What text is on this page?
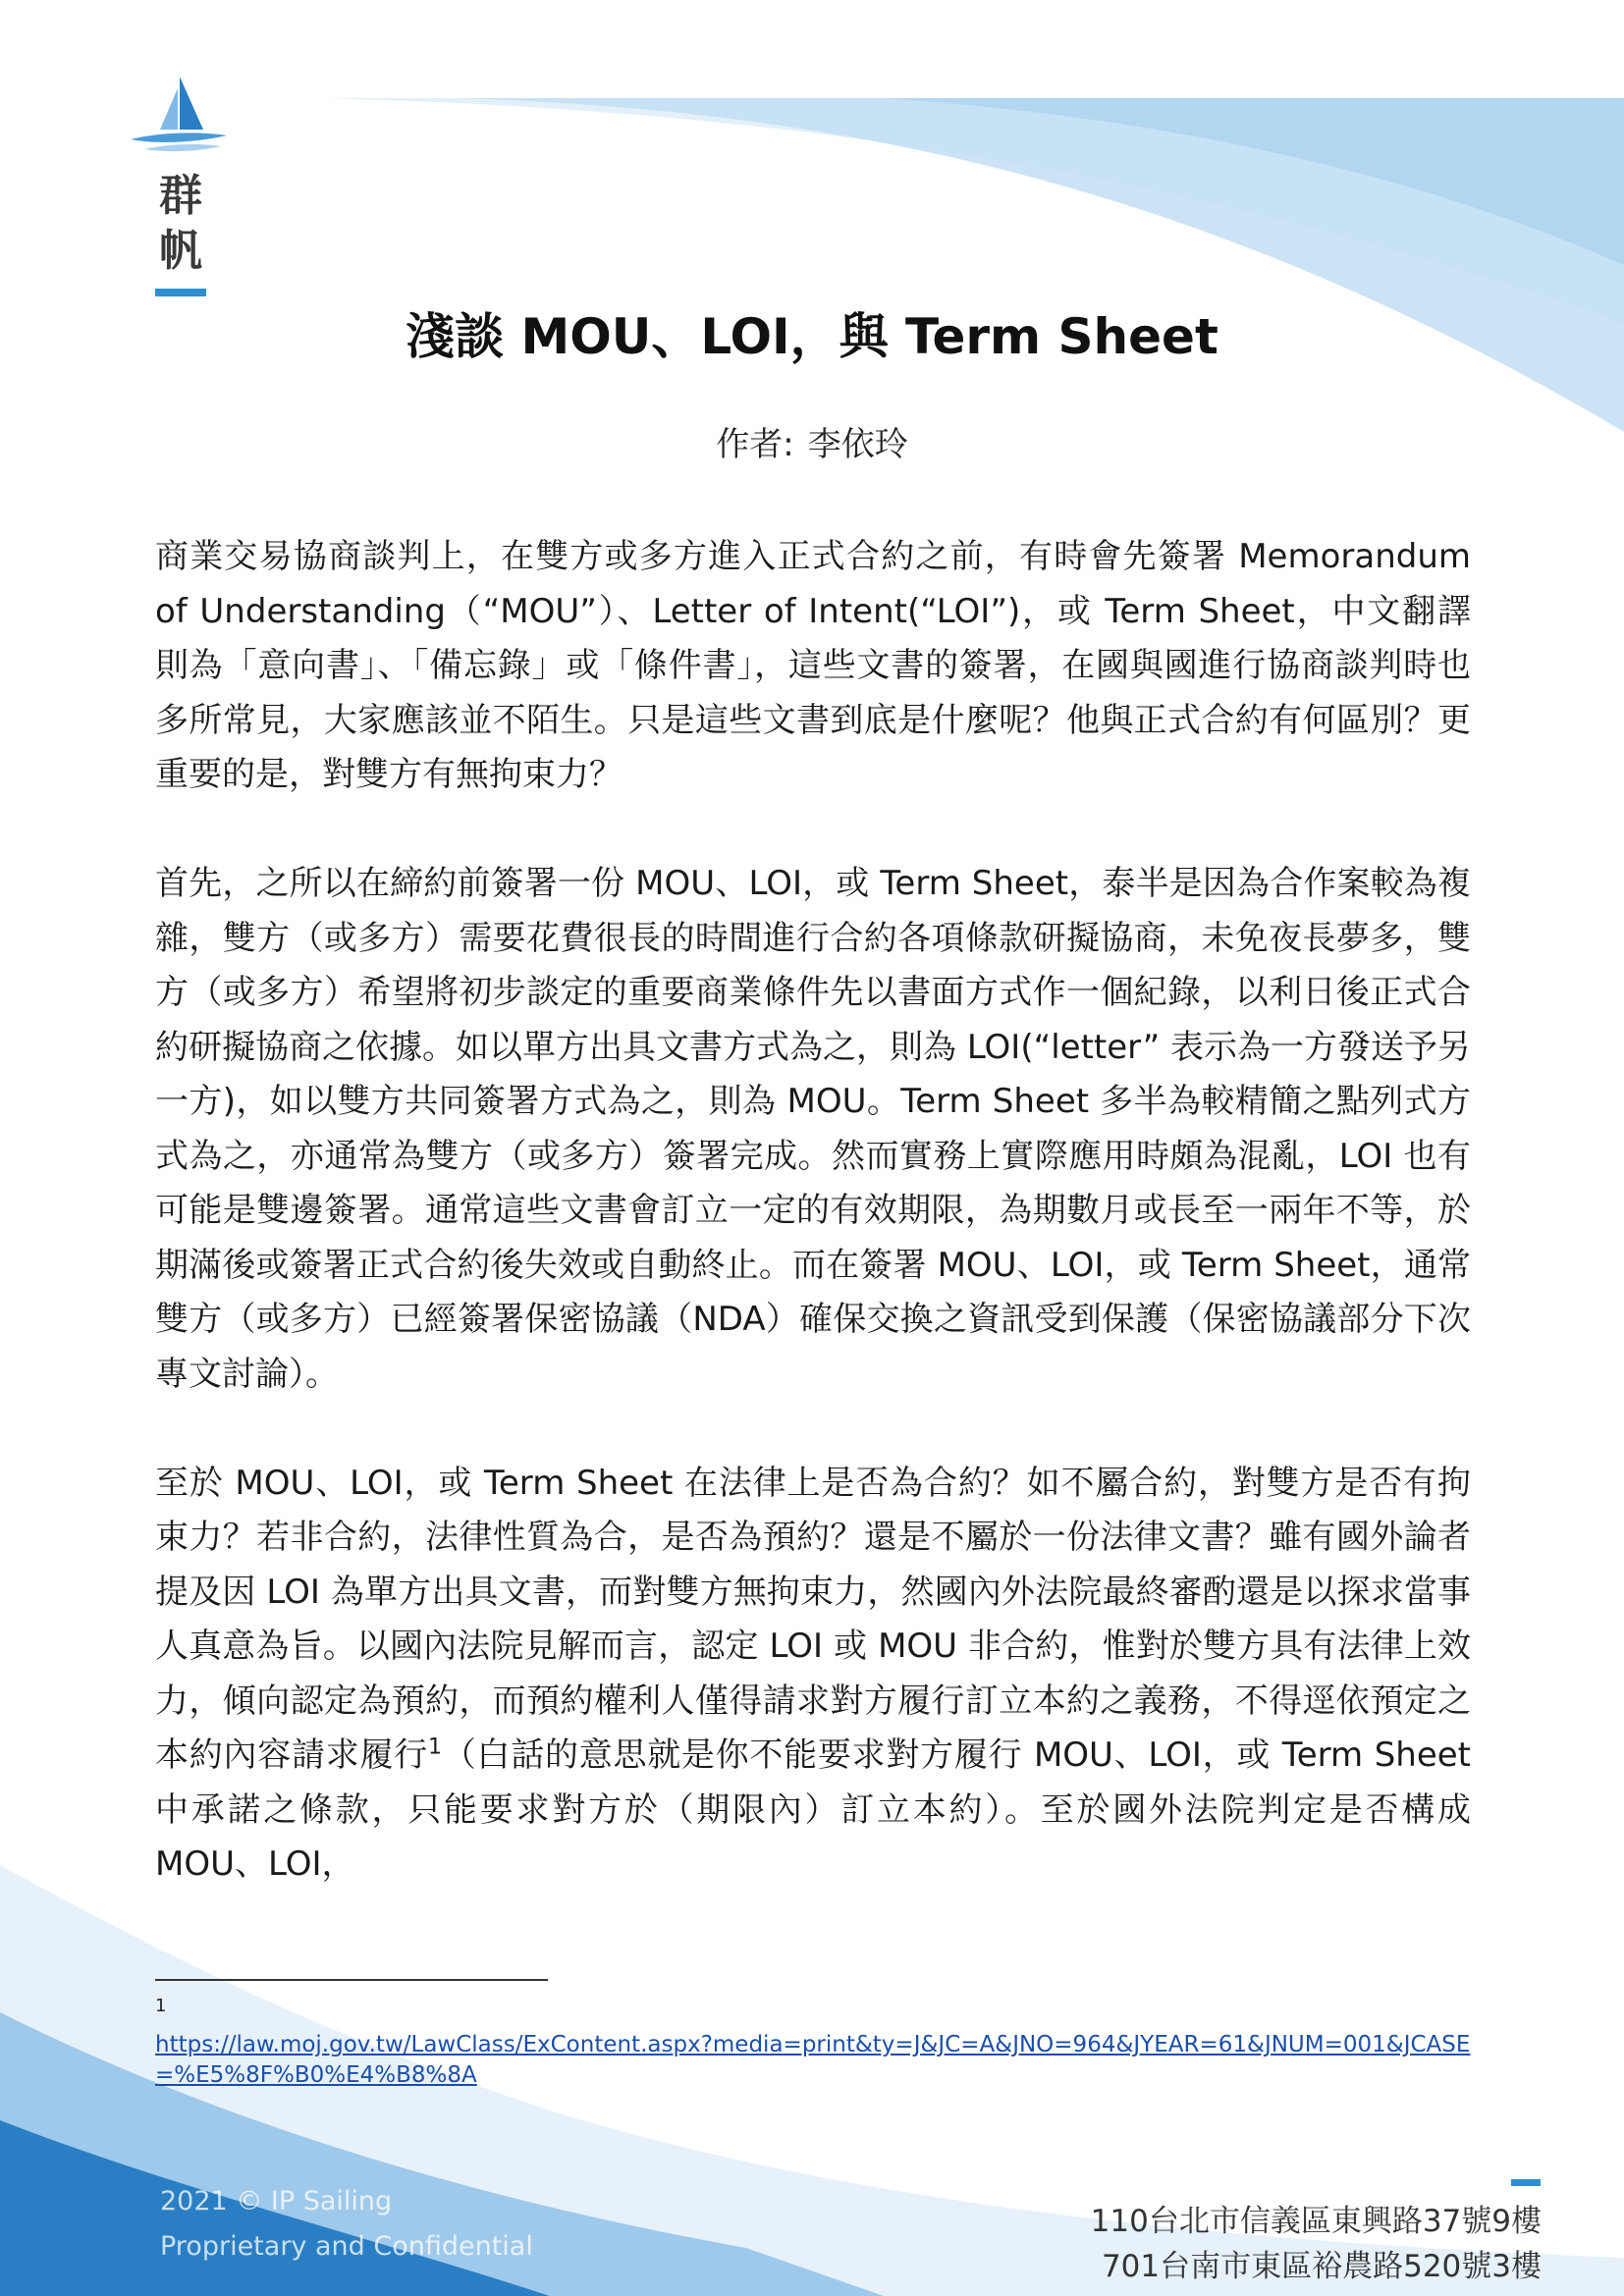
群
帆
淺談 MOU、LOI，與 Term Sheet
作者: 李依玲

商業交易協商談判上，在雙方或多方進入正式合約之前，有時會先簽署 Memorandum of Understanding（“MOU”）、Letter of Intent(“LOI”)，或 Term Sheet，中文翻譯則為「意向書」、「備忘錄」或「條件書」，這些文書的簽署，在國與國進行協商談判時也多所常見，大家應該並不陌生。只是這些文書到底是什麼呢？他與正式合約有何區別？更重要的是，對雙方有無拘束力？

首先，之所以在締約前簽署一份 MOU、LOI，或 Term Sheet，泰半是因為合作案較為複雜，雙方（或多方）需要花費很長的時間進行合約各項條款研擬協商，未免夜長夢多，雙方（或多方）希望將初步談定的重要商業條件先以書面方式作一個紀錄，以利日後正式合約研擬協商之依據。如以單方出具文書方式為之，則為 LOI(“letter” 表示為一方發送予另一方)，如以雙方共同簽署方式為之，則為 MOU。Term Sheet 多半為較精簡之點列式方式為之，亦通常為雙方（或多方）簽署完成。然而實務上實際應用時頗為混亂，LOI 也有可能是雙邊簽署。通常這些文書會訂立一定的有效期限，為期數月或長至一兩年不等，於期滿後或簽署正式合約後失效或自動終止。而在簽署 MOU、LOI，或 Term Sheet，通常雙方（或多方）已經簽署保密協議（NDA）確保交換之資訊受到保護（保密協議部分下次專文討論）。

至於 MOU、LOI，或 Term Sheet 在法律上是否為合約？如不屬合約，對雙方是否有拘束力？若非合約，法律性質為合，是否為預約？還是不屬於一份法律文書？雖有國外論者提及因 LOI 為單方出具文書，而對雙方無拘束力，然國內外法院最終審酌還是以探求當事人真意為旨。以國內法院見解而言，認定 LOI 或 MOU 非合約，惟對於雙方具有法律上效力，傾向認定為預約，而預約權利人僅得請求對方履行訂立本約之義務，不得逕依預定之本約內容請求履行$^1$（白話的意思就是你不能要求對方履行 MOU、LOI，或 Term Sheet 中承諾之條款，只能要求對方於（期限內）訂立本約）。至於國外法院判定是否構成 MOU、LOI，

1
https://law.moj.gov.tw/LawClass/ExContent.aspx?media=print&ty=J&JC=A&JNO=964&JYEAR=61&JNUM=001&JCASE=%E5%8F%B0%E4%B8%8A
2021 © IP Sailing
Proprietary and Confidential
110台北市信義區東興路37號9樓
701台南市東區裕農路520號3樓
